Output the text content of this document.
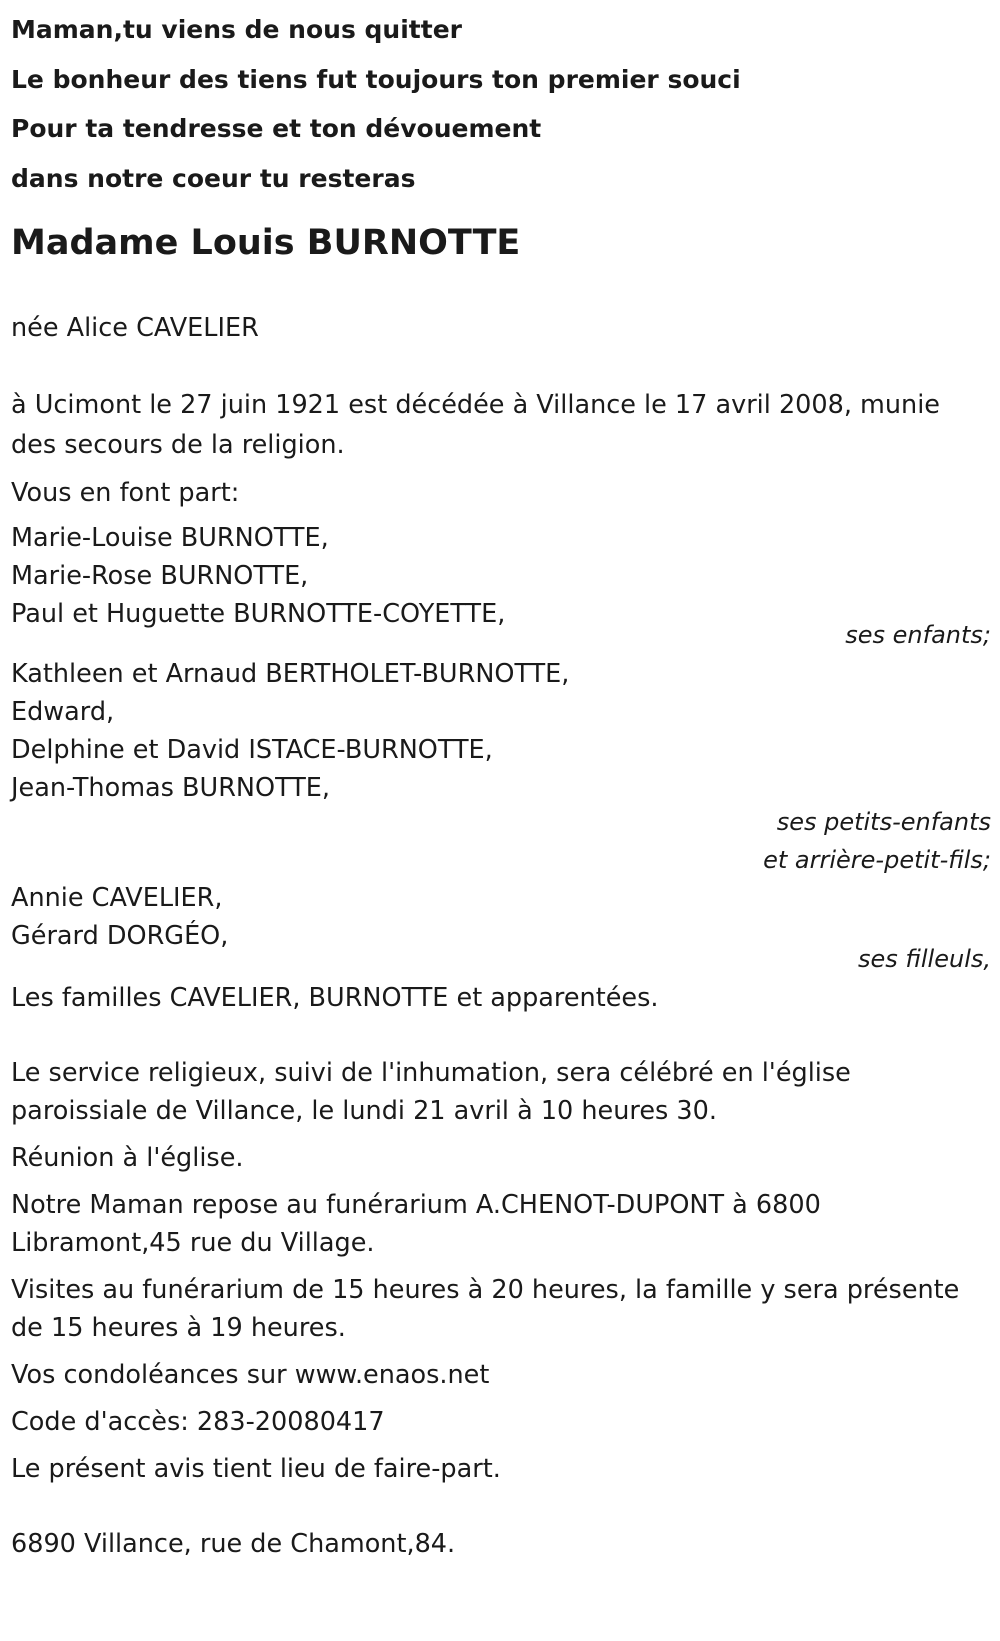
Maman,tu viens de nous quitter
Le bonheur des tiens fut toujours ton premier souci
Pour ta tendresse et ton dévouement
dans notre coeur tu resteras
Madame Louis BURNOTTE
née Alice CAVELIER
à Ucimont le 27 juin 1921 est décédée à Villance le 17 avril 2008, munie
des secours de la religion.
Vous en font part:
Marie-Louise BURNOTTE,
Marie-Rose BURNOTTE,
Paul et Huguette BURNOTTE-COYETTE,
ses enfants;
Kathleen et Arnaud BERTHOLET-BURNOTTE,
Edward,
Delphine et David ISTACE-BURNOTTE,
Jean-Thomas BURNOTTE,
ses petits-enfants
et arrière-petit-fils;
Annie CAVELIER,
Gérard DORGÉO,
ses filleuls,
Les familles CAVELIER, BURNOTTE et apparentées.
Le service religieux, suivi de l'inhumation, sera célébré en l'église
paroissiale de Villance, le lundi 21 avril à 10 heures 30.
Réunion à l'église.
Notre Maman repose au funérarium A.CHENOT-DUPONT à 6800
Libramont,45 rue du Village.
Visites au funérarium de 15 heures à 20 heures, la famille y sera présente
de 15 heures à 19 heures.
Vos condoléances sur www.enaos.net
Code d'accès: 283-20080417
Le présent avis tient lieu de faire-part.
6890 Villance, rue de Chamont,84.
